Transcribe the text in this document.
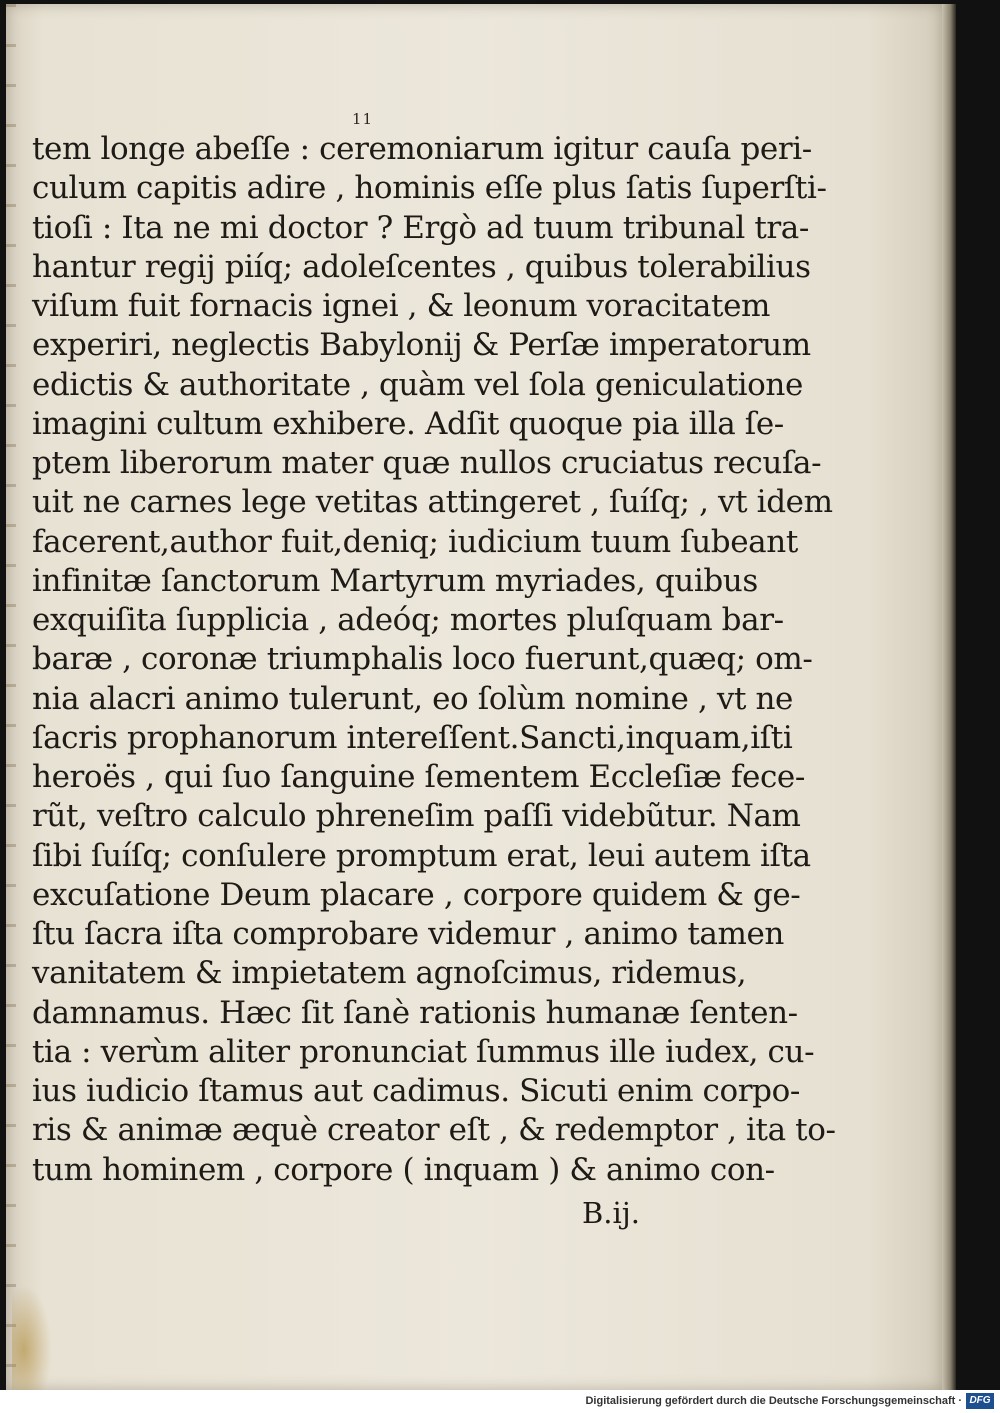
11
tem longe abeſſe : ceremoniarum igitur cauſa peri-
culum capitis adire , hominis eſſe plus ſatis ſuperſti-
tioſi : Ita ne mi doctor ? Ergò ad tuum tribunal tra-
hantur regij piíq; adoleſcentes , quibus tolerabilius
viſum fuit fornacis ignei , & leonum voracitatem
experiri, neglectis Babylonij & Perſæ imperatorum
edictis & authoritate , quàm vel ſola geniculatione
imagini cultum exhibere. Adſit quoque pia illa ſe-
ptem liberorum mater quæ nullos cruciatus recuſa-
uit ne carnes lege vetitas attingeret , ſuíſq; , vt idem
facerent,author fuit,deniq; iudicium tuum ſubeant
infinitæ ſanctorum Martyrum myriades, quibus
exquiſita ſupplicia , adeóq; mortes pluſquam bar-
baræ , coronæ triumphalis loco fuerunt,quæq; om-
nia alacri animo tulerunt, eo ſolùm nomine , vt ne
ſacris prophanorum intereſſent.Sancti,inquam,iſti
heroës , qui ſuo ſanguine ſementem Eccleſiæ fece-
rũt, veſtro calculo phreneſim paſſi videbũtur. Nam
ſibi ſuíſq; conſulere promptum erat, leui autem iſta
excuſatione Deum placare , corpore quidem & ge-
ſtu ſacra iſta comprobare videmur , animo tamen
vanitatem & impietatem agnoſcimus, ridemus,
damnamus. Hæc ſit ſanè rationis humanæ ſenten-
tia : verùm aliter pronunciat ſummus ille iudex, cu-
ius iudicio ſtamus aut cadimus. Sicuti enim corpo-
ris & animæ æquè creator eſt , & redemptor , ita to-
tum hominem , corpore ( inquam ) & animo con-
B.ij.
Digitalisierung gefördert durch die Deutsche Forschungsgemeinschaft · DFG
